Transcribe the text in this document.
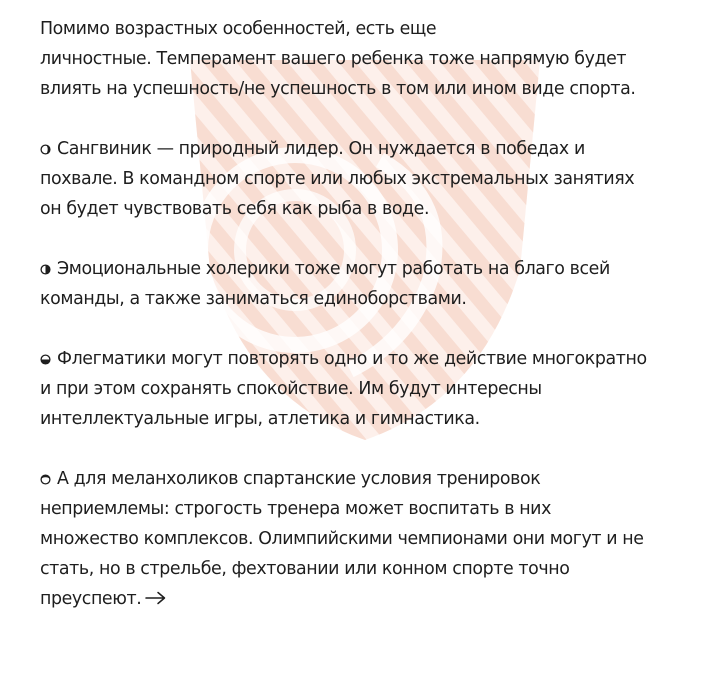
Помимо возрастных особенностей, есть еще
личностные. Темперамент вашего ребенка тоже напрямую будет
влиять на успешность/не успешность в том или ином виде спорта.

Сангвиник — природный лидер. Он нуждается в победах и
похвале. В командном спорте или любых экстремальных занятиях
он будет чувствовать себя как рыба в воде.

Эмоциональные холерики тоже могут работать на благо всей
команды, а также заниматься единоборствами.

Флегматики могут повторять одно и то же действие многократно
и при этом сохранять спокойствие. Им будут интересны
интеллектуальные игры, атлетика и гимнастика.

А для меланхоликов спартанские условия тренировок
неприемлемы: строгость тренера может воспитать в них
множество комплексов. Олимпийскими чемпионами они могут и не
стать, но в стрельбе, фехтовании или конном спорте точно
преуспеют.
